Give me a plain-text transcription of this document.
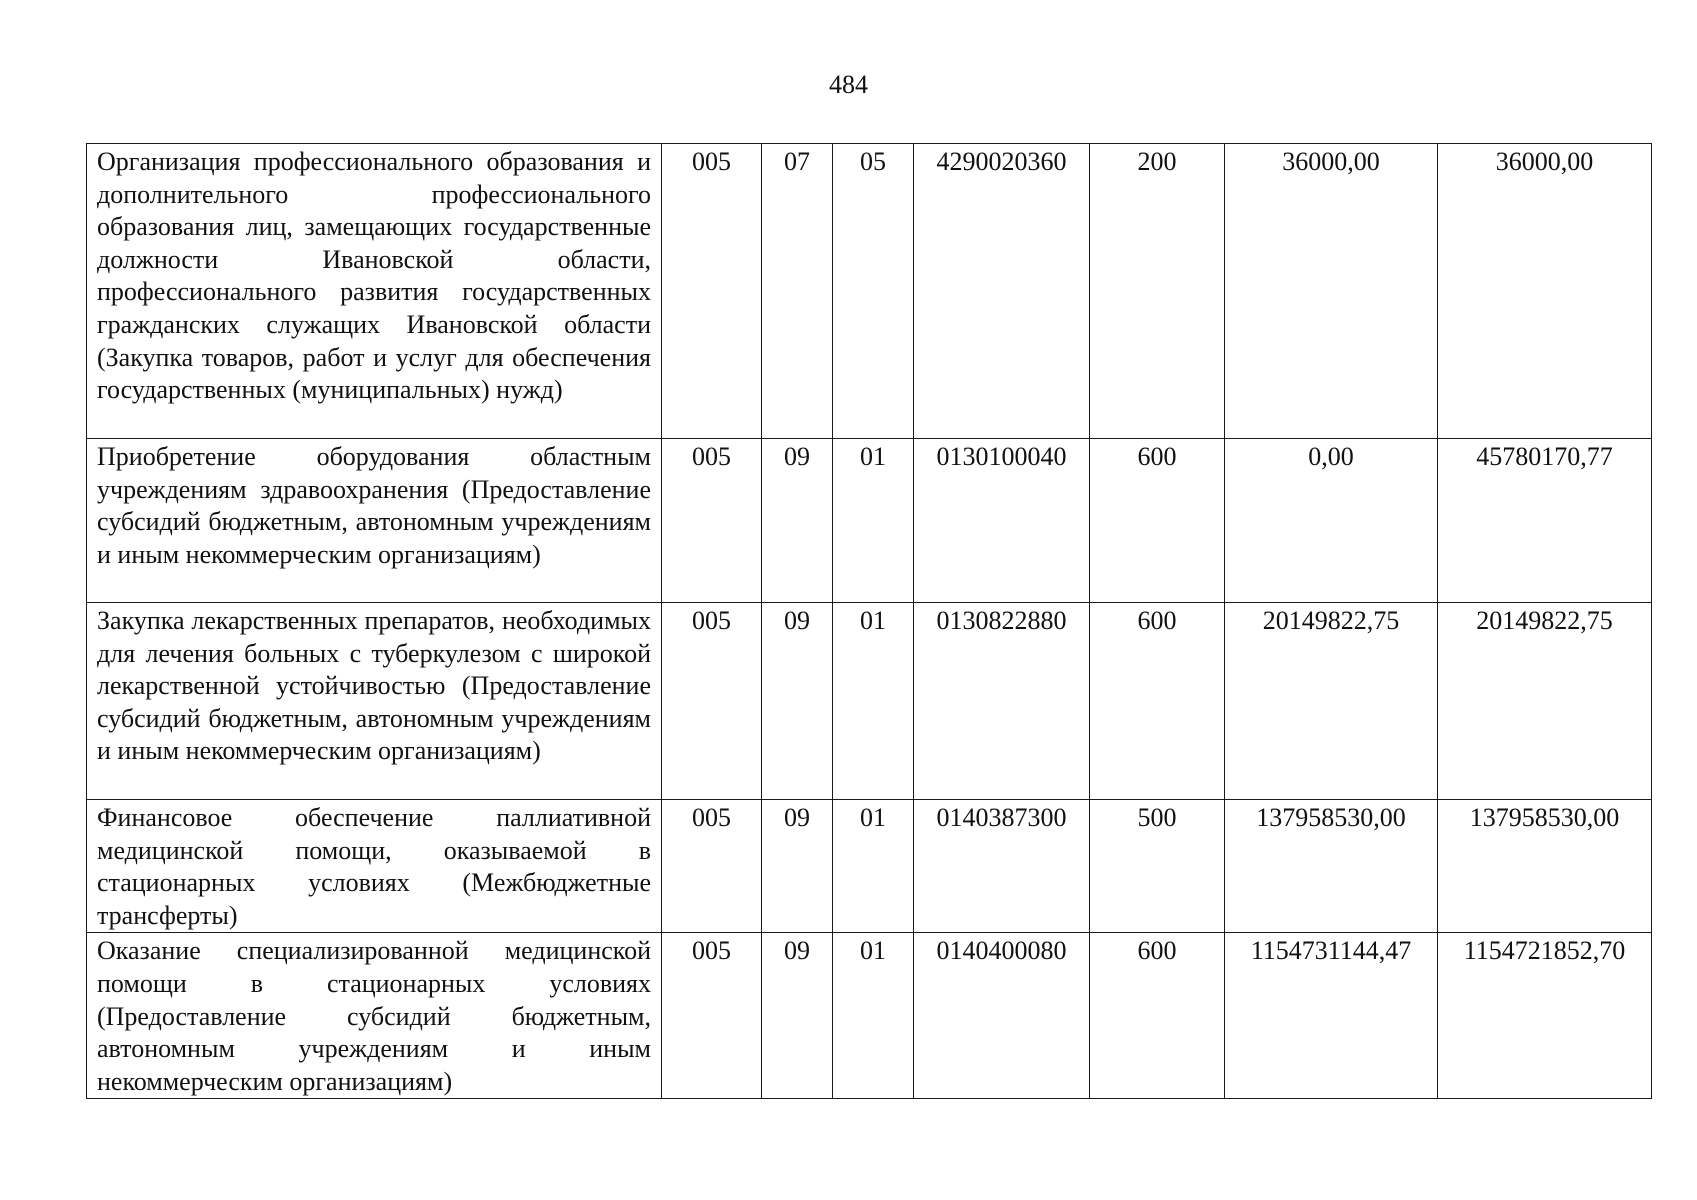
484
Организация профессионального образования и дополнительного профессионального образования лиц, замещающих государственные должности Ивановской области, профессионального развития государственных гражданских служащих Ивановской области (Закупка товаров, работ и услуг для обеспечения государственных (муниципальных) нужд)	005	07	05	4290020360	200	36000,00	36000,00
Приобретение оборудования областным учреждениям здравоохранения (Предоставление субсидий бюджетным, автономным учреждениям и иным некоммерческим организациям)	005	09	01	0130100040	600	0,00	45780170,77
Закупка лекарственных препаратов, необходимых для лечения больных с туберкулезом с широкой лекарственной устойчивостью (Предоставление субсидий бюджетным, автономным учреждениям и иным некоммерческим организациям)	005	09	01	0130822880	600	20149822,75	20149822,75
Финансовое обеспечение паллиативной медицинской помощи, оказываемой в стационарных условиях (Межбюджетные трансферты)	005	09	01	0140387300	500	137958530,00	137958530,00
Оказание специализированной медицинской помощи в стационарных условиях (Предоставление субсидий бюджетным, автономным учреждениям и иным некоммерческим организациям)	005	09	01	0140400080	600	1154731144,47	1154721852,70
